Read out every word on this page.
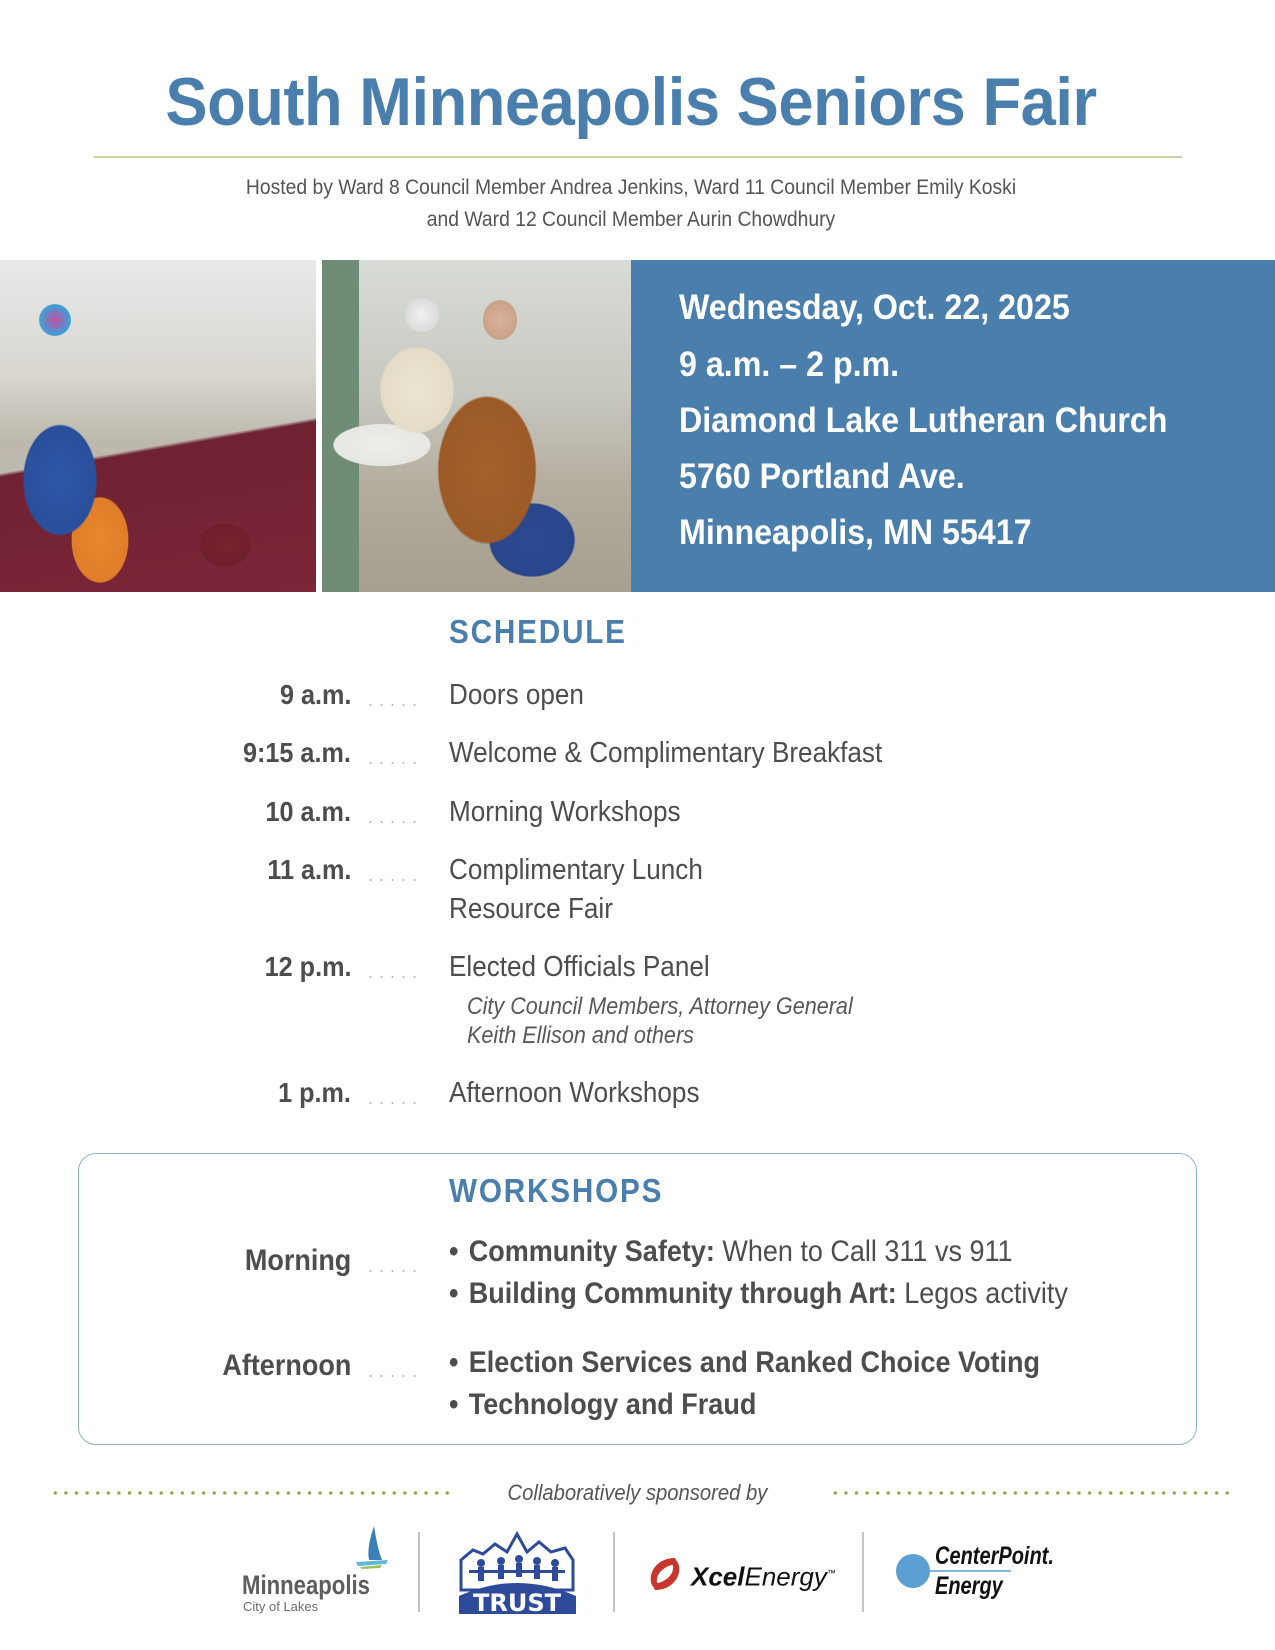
South Minneapolis Seniors Fair

Hosted by Ward 8 Council Member Andrea Jenkins, Ward 11 Council Member Emily Koski

and Ward 12 Council Member Aurin Chowdhury

Wednesday, Oct. 22, 2025
9 a.m. – 2 p.m.
Diamond Lake Lutheran Church
5760 Portland Ave.
Minneapolis, MN 55417
SCHEDULE
9 a.m.	Doors open
9:15 a.m.	Welcome & Complimentary Breakfast
10 a.m.	Morning Workshops
11 a.m.	Complimentary Lunch
Resource Fair
12 p.m.	Elected Officials Panel
City Council Members, Attorney General
Keith Ellison and others
1 p.m.	Afternoon Workshops
WORKSHOPS
Morning	• Community Safety: When to Call 311 vs 911
• Building Community through Art: Legos activity
Afternoon	• Election Services and Ranked Choice Voting
• Technology and Fraud
Collaboratively sponsored by
Minneapolis
City of Lakes	TRUST
XcelEnergy™
CenterPoint.
Energy
